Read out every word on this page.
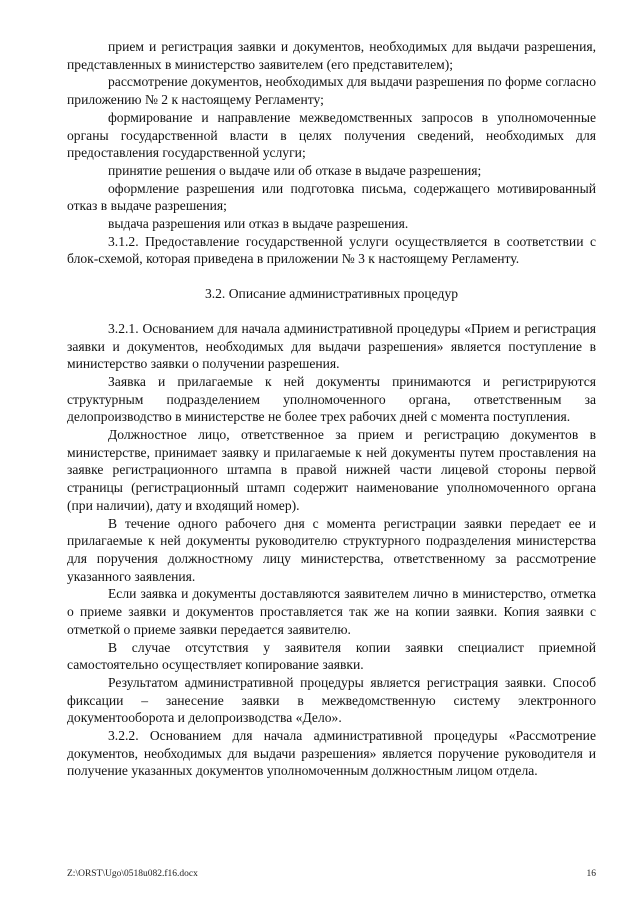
прием и регистрация заявки и документов, необходимых для выдачи разрешения, представленных в министерство заявителем (его представителем);

рассмотрение документов, необходимых для выдачи разрешения по форме согласно приложению № 2 к настоящему Регламенту;

формирование и направление межведомственных запросов в уполномоченные органы государственной власти в целях получения сведений, необходимых для предоставления государственной услуги;

принятие решения о выдаче или об отказе в выдаче разрешения;

оформление разрешения или подготовка письма, содержащего мотивированный отказ в выдаче разрешения;

выдача разрешения или отказ в выдаче разрешения.

3.1.2. Предоставление государственной услуги осуществляется в соответствии с блок-схемой, которая приведена в приложении № 3 к настоящему Регламенту.

3.2. Описание административных процедур

3.2.1. Основанием для начала административной процедуры «Прием и регистрация заявки и документов, необходимых для выдачи разрешения» является поступление в министерство заявки о получении разрешения.

Заявка и прилагаемые к ней документы принимаются и регистрируются структурным подразделением уполномоченного органа, ответственным за делопроизводство в министерстве не более трех рабочих дней с момента поступления.

Должностное лицо, ответственное за прием и регистрацию документов в министерстве, принимает заявку и прилагаемые к ней документы путем проставления на заявке регистрационного штампа в правой нижней части лицевой стороны первой страницы (регистрационный штамп содержит наименование уполномоченного органа (при наличии), дату и входящий номер).

В течение одного рабочего дня с момента регистрации заявки передает ее и прилагаемые к ней документы руководителю структурного подразделения министерства для поручения должностному лицу министерства, ответственному за рассмотрение указанного заявления.

Если заявка и документы доставляются заявителем лично в министерство, отметка о приеме заявки и документов проставляется так же на копии заявки. Копия заявки с отметкой о приеме заявки передается заявителю.

В случае отсутствия у заявителя копии заявки специалист приемной самостоятельно осуществляет копирование заявки.

Результатом административной процедуры является регистрация заявки. Способ фиксации – занесение заявки в межведомственную систему электронного документооборота и делопроизводства «Дело».

3.2.2. Основанием для начала административной процедуры «Рассмотрение документов, необходимых для выдачи разрешения» является поручение руководителя и получение указанных документов уполномоченным должностным лицом отдела.

Z:\ORST\Ugo\0518u082.f16.docx	16
